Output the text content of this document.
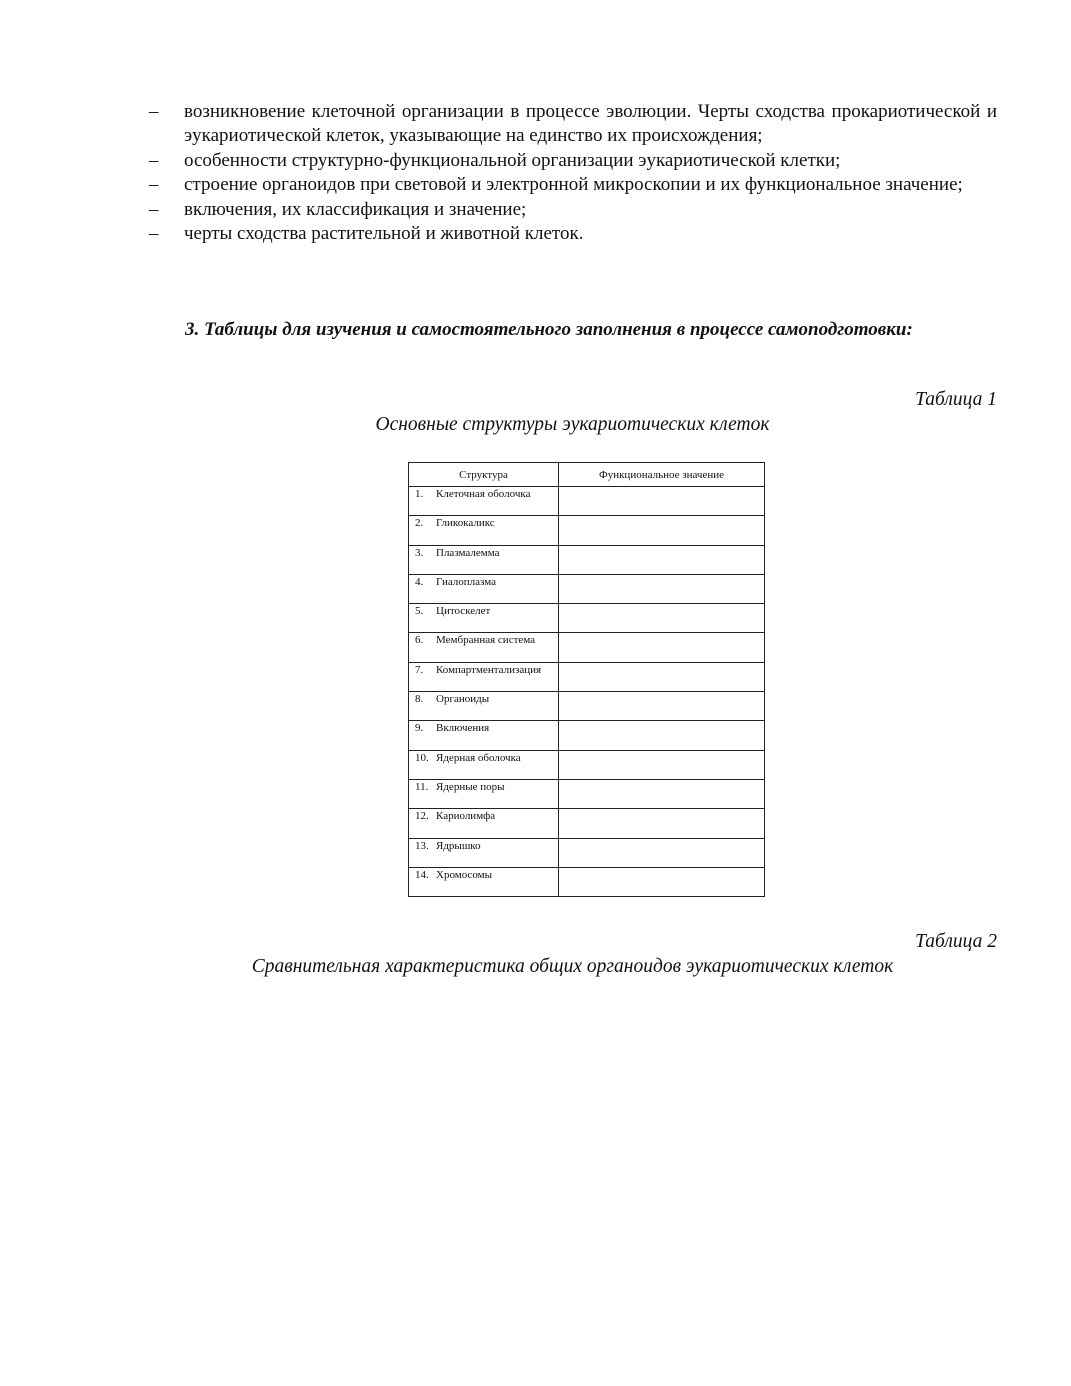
– возникновение клеточной организации в процессе эволюции. Черты сходства прокариотической и эукариотической клеток, указывающие на единство их происхождения;
– особенности структурно-функциональной организации эукариотической клетки;
– строение органоидов при световой и электронной микроскопии и их функциональное значение;
– включения, их классификация и значение;
– черты сходства растительной и животной клеток.

3. Таблицы для изучения и самостоятельного заполнения в процессе самоподготовки:

Таблица 1
Основные структуры эукариотических клеток
Структура	Функциональное значение
1. Клеточная оболочка	
2. Гликокаликс	
3. Плазмалемма	
4. Гиалоплазма	
5. Цитоскелет	
6. Мембранная система	
7. Компартментализация	
8. Органоиды	
9. Включения	
10. Ядерная оболочка	
11. Ядерные поры	
12. Кариолимфа	
13. Ядрышко	
14. Хромосомы	
Таблица 2
Сравнительная характеристика общих органоидов эукариотических клеток
